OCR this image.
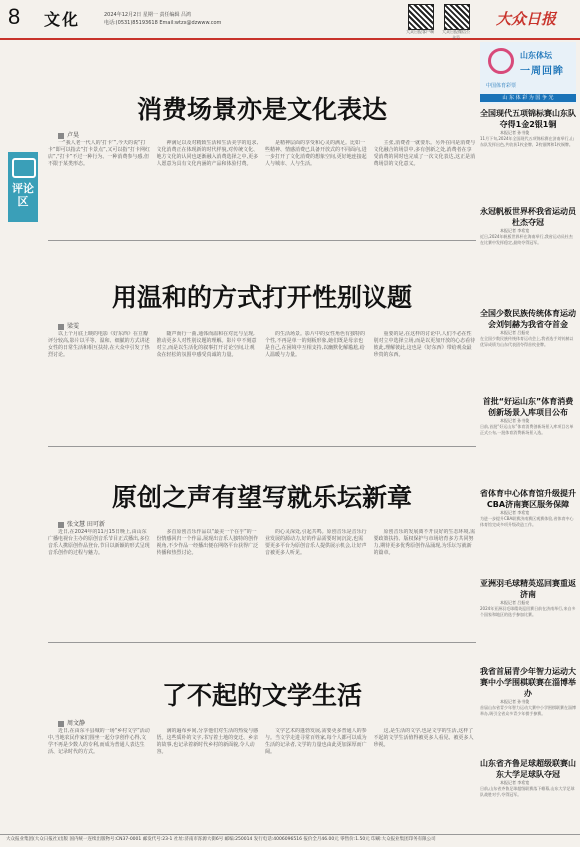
8 文化	2024年12月2日 星期一 责任编辑 吕鸿
电话:(0531)85193618 Email:wtzx@dzwww.com
大众日报客户端 大众日报微信公众号
大众日报
评论区
消费场景亦是文化表达
卢昊

一“我人老一代人的‘打卡’”,今天的说“打卡”即可以指去“打卡景点”,又可以指“打卡网红店”,“打卡”不过一种行为、一种消费参与感,但不限于某类形态。

神满足以及对精致生活和生活美学的追求,文化消费正在体现新的时代样貌,对传统文化、地方文化的认同也逐渐融入消费选择之中,更多人愿意为具有文化内涵的产品和体验付费。

是精神层面的享受和心灵的满足。比如一些精神、情感消费已具备开放式的不同面向,进一步打开了文化消费的想象空间,更好地连接起人与城市、人与生活。

主张,消费者一就要乐。另外在同是消费与文化融合的场景中,多有创新之处,消费者在享受消费的同时也完成了一次文化表达,这正是消费场景的文化意义。

用温和的方式打开性别议题
梁雯

以上个月底上映的电影《好东西》在豆瓣评分较高,影片以平等、温和、细腻的方式讲述女性的日常生活和相互扶持,在大众中引发了热烈讨论。

随声而行一曲,通体而温和在对比与呈现,推动更多人对性别议题的理解。影片中不刻意对立,而是以生活化的叙事打开讨论空间,让观众在轻松的氛围中感受真诚的力量。

的生活场景。影片中的女性角色有独特的个性,不再是单一的刻板形象,她们既是母亲也是自己,在困境中互相支持,以幽默化解尴尬,给人温暖与力量。

重要的是,在这样的讨论中,人们不必在性别对立中选择立场,而是以更加开放的心态看待彼此,理解彼此,这也是《好东西》带给观众最珍贵的东西。

原创之声有望写就乐坛新章
张文慧 田可新

近日,在2024年的11月15日晚上,由山东广播电视台主办的原创音乐节目正式播出,多位音乐人携原创作品登台,节目以新颖的形式呈现音乐创作的过程与魅力。

多首原创音乐作品以“最美一个在乎”的一份情感回归一个作品,展现出音乐人独特的创作视角,不少作品一经播出便在网络平台获得广泛传播和热烈讨论。

的心灵深处,引起共鸣。原创音乐是音乐行业发展的源动力,好的作品需要时间沉淀,也需要更多平台为原创音乐人提供展示机会,让好声音被更多人听见。

原创音乐的发展离不开良好的生态环境,需要政策扶持、版权保护与市场培育多方共同努力,期待更多优秀原创作品涌现,为乐坛写就新的篇章。

了不起的文学生活
周文静

近日,在由东平县城的一场“乡村文学”活动中,当地农民作家们围坐一起分享创作心得,文学不再是少数人的专利,而成为普通人表达生活、记录时代的方式。

满的遍布乡间,分享他们对生活的热爱与感悟。这些质朴的文字,书写着土地的变迁、乡亲的故事,也记录着新时代乡村的新面貌,令人动容。

文学艺术的蓬勃发展,需要更多普通人的参与。当文学走进寻常百姓家,每个人都可以成为生活的记录者,文学的力量也由此更加深厚而广阔。

这,是生活的文学,也是文学的生活,这样了不起的文学生活值得被更多人看见、被更多人珍视。

山东体坛
一周回眸
中国体育彩票
山 东 体 彩 为 国 争 光
全国现代五项锦标赛山东队夺得1金2银1铜
本报记者 孙书俊
11月下旬,2024年全国现代五项锦标赛在济南举行,山东队发挥出色,共收获1枚金牌、2枚银牌和1枚铜牌。
永冠帆板世界杯我省运动员杜杰夺冠
本报记者 李希宽
近日,2024年帆板世界杯在海南举行,我省运动员杜杰在比赛中发挥稳定,最终夺得冠军。
全国少数民族传统体育运动会刘钊赫为我省夺首金
本报记者 吕振亮
在全国少数民族传统体育运动会上,我省选手刘钊赫以优异成绩为山东代表团夺得首枚金牌。
首批“好运山东”体育消费创新场景入库项目公布
本报记者 孙书俊
日前,首批“好运山东”体育消费创新场景入库项目名单正式公布,一批体育消费新场景入选。
省体育中心体育馆升级提升CBA济南赛区服务保障
本报记者 李希宽
为进一步提升CBA联赛济南赛区观赛体验,省体育中心体育馆完成多项升级改造工作。
亚洲羽毛球精英巡回赛重返济南
本报记者 吕振亮
2024年亚洲羽毛球精英巡回赛日前在济南举行,来自多个国家和地区的选手参加比赛。
我省首届青少年智力运动大赛中小学围棋联赛在淄博举办
本报记者 孙书俊
首届山东省青少年智力运动大赛中小学围棋联赛在淄博举办,吸引全省众多青少年棋手参赛。
山东省齐鲁足球超级联赛山东大学足球队夺冠
本报记者 李希宽
日前,山东省齐鲁足球超级联赛落下帷幕,山东大学足球队战胜对手,夺得冠军。
大众报业集团(大众日报社)出版 国内统一连续出版物号:CN37-0001 邮发代号:23-1 社址:济南市泺源大街6号 邮编:250014 发行电话:4006096516 报价全月46.00元 零售价:1.50元 印刷:大众报业集团印务有限公司
